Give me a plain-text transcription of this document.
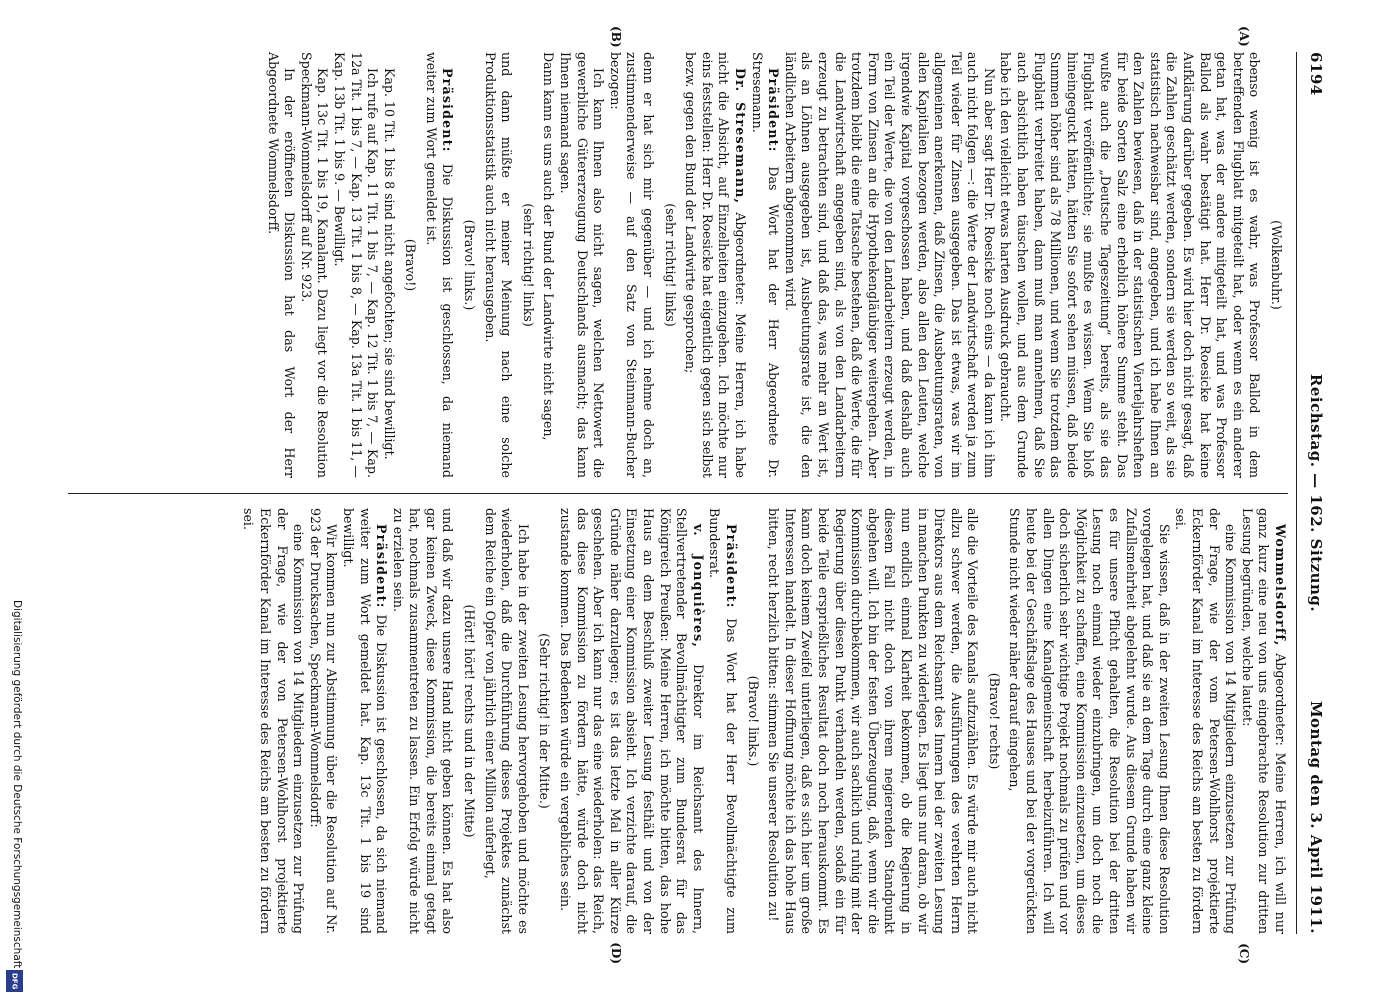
6194
Reichstag. — 162. Sitzung.
Montag den 3. April 1911.
(A)
(B)

(Wolkenbuhr.)

ebenso wenig ist es wahr, was Professor Ballod in dem betreffenden Flugblatt mitgeteilt hat, oder wenn es ein anderer getan hat, was der andere mitgeteilt hat, und was Professor Ballod als wahr bestätigt hat. Herr Dr. Roesicke hat keine Aufklärung darüber gegeben. Es wird hier doch nicht gesagt, daß die Zahlen geschätzt werden, sondern sie werden so weit, als sie statistisch nachweisbar sind, angegeben, und ich habe Ihnen an den Zahlen bewiesen, daß in der statistischen Vierteljahrsheften für beide Sorten Salz eine erheblich höhere Summe steht. Das wußte auch die „Deutsche Tageszeitung“ bereits, als sie das Flugblatt veröffentlichte; sie mußte es wissen. Wenn Sie bloß hineingeguckt hätten, hätten Sie sofort sehen müssen, daß beide Summen höher sind als 78 Millionen, und wenn Sie trotzdem das Flugblatt verbreitet haben, dann muß man annehmen, daß Sie auch absichtlich haben täuschen wollen, und aus dem Grunde habe ich den vielleicht etwas harten Ausdruck gebraucht.

Nun aber sagt Herr Dr. Roesicke noch eins — da kann ich ihm auch nicht folgen —: die Werte der Landwirtschaft werden ja zum Teil wieder für Zinsen ausgegeben. Das ist etwas, was wir im allgemeinen anerkennen, daß Zinsen, die Ausbeutungsraten, von allen Kapitalien bezogen werden, also allen den Leuten, welche irgendwie Kapital vorgeschossen haben, und daß deshalb auch ein Teil der Werte, die von den Landarbeitern erzeugt werden, in Form von Zinsen an die Hypothekengläubiger weitergehen. Aber trotzdem bleibt die eine Tatsache bestehen, daß die Werte, die für die Landwirtschaft angegeben sind, als von den Landarbeitern erzeugt zu betrachten sind, und daß das, was mehr an Wert ist, als an Löhnen ausgegeben ist, Ausbeutungsrate ist, die den ländlichen Arbeitern abgenommen wird.

Präsident: Das Wort hat der Herr Abgeordnete Dr. Stresemann.

Dr. Stresemann, Abgeordneter: Meine Herren, ich habe nicht die Absicht, auf Einzelheiten einzugehen. Ich möchte nur eins feststellen: Herr Dr. Roesicke hat eigentlich gegen sich selbst bezw. gegen den Bund der Landwirte gesprochen;

(sehr richtig! links)

denn er hat sich mir gegenüber — und ich nehme doch an, zustimmenderweise — auf den Satz von Steinmann-Bucher bezogen:

Ich kann Ihnen also nicht sagen, welchen Nettowert die gewerbliche Gütererzeugung Deutschlands ausmacht; das kann Ihnen niemand sagen.

Dann kann es uns auch der Bund der Landwirte nicht sagen,

(sehr richtig! links)

und dann müßte er meiner Meinung nach eine solche Produktionsstatistik auch nicht herausgeben.

(Bravo! links.)

Präsident: Die Diskussion ist geschlossen, da niemand weiter zum Wort gemeldet ist.

(Bravo!)

Kap. 10 Tit. 1 bis 8 sind nicht angefochten; sie sind bewilligt.

Ich rufe auf Kap. 11 Tit. 1 bis 7, — Kap. 12 Tit. 1 bis 7, — Kap. 12a Tit. 1 bis 7, — Kap. 13 Tit. 1 bis 8, — Kap. 13a Tit. 1 bis 11, — Kap. 13b Tit. 1 bis 9. — Bewilligt.

Kap. 13c Tit. 1 bis 19, Kanalamt. Dazu liegt vor die Resolution Speckmann-Wommelsdorff auf Nr. 923.

In der eröffneten Diskussion hat das Wort der Herr Abgeordnete Wommelsdorff.

(C)
(D)

Wommelsdorff, Abgeordneter: Meine Herren, ich will nur ganz kurz eine neu von uns eingebrachte Resolution zur dritten Lesung begründen, welche lautet:

eine Kommission von 14 Mitgliedern einzusetzen zur Prüfung der Frage, wie der vom Petersen-Wohlhorst projektierte Eckernförder Kanal im Interesse des Reichs am besten zu fördern sei.

Sie wissen, daß in der zweiten Lesung Ihnen diese Resolution vorgelegen hat, und daß sie an dem Tage durch eine ganz kleine Zufallsmehrheit abgelehnt wurde. Aus diesem Grunde haben wir es für unsere Pflicht gehalten, die Resolution bei der dritten Lesung noch einmal wieder einzubringen, um doch noch die Möglichkeit zu schaffen, eine Kommission einzusetzen, um dieses doch sicherlich sehr wichtige Projekt nochmals zu prüfen und vor allen Dingen eine Kanalgemeinschaft herbeizuführen. Ich will heute bei der Geschäftslage des Hauses und bei der vorgerückten Stunde nicht wieder näher darauf eingehen,

(Bravo! rechts)

alle die Vorteile des Kanals aufzuzählen. Es würde mir auch nicht allzu schwer werden, die Ausführungen des verehrten Herrn Direktors aus dem Reichsamt des Innern bei der zweiten Lesung in manchen Punkten zu widerlegen. Es liegt uns nur daran, ob wir nun endlich einmal Klarheit bekommen, ob die Regierung in diesem Fall nicht doch von ihrem negierenden Standpunkt abgehen will. Ich bin der festen Überzeugung, daß, wenn wir die Kommission durchbekommen, wir auch sachlich und ruhig mit der Regierung über diesen Punkt verhandeln werden, sodaß ein für beide Teile ersprießliches Resultat doch noch herauskommt. Es kann doch keinem Zweifel unterliegen, daß es sich hier um große Interessen handelt. In dieser Hoffnung möchte ich das hohe Haus bitten, recht herzlich bitten: stimmen Sie unserer Resolution zu!

(Bravo! links.)

Präsident: Das Wort hat der Herr Bevollmächtigte zum Bundesrat.

v. Jonquières, Direktor im Reichsamt des Innern, Stellvertretender Bevollmächtigter zum Bundesrat für das Königreich Preußen: Meine Herren, ich möchte bitten, das hohe Haus an dem Beschluß zweiter Lesung festhält und von der Einsetzung einer Kommission absieht. Ich verzichte darauf, die Gründe näher darzulegen; es ist das letzte Mal in aller Kürze geschehen. Aber ich kann nur das eine wiederholen: das Reich, das diese Kommission zu fördern hätte, würde doch nicht zustande kommen. Das Bedenken würde ein vergebliches sein.

(Sehr richtig! in der Mitte.)

Ich habe in der zweiten Lesung hervorgehoben und möchte es wiederholen, daß die Durchführung dieses Projektes zunächst dem Reiche ein Opfer von jährlich einer Million auferlegt,

(Hört! hört! rechts und in der Mitte)

und daß wir dazu unsere Hand nicht geben können. Es hat also gar keinen Zweck, diese Kommission, die bereits einmal getagt hat, nochmals zusammentreten zu lassen. Ein Erfolg würde nicht zu erzielen sein.

Präsident: Die Diskussion ist geschlossen, da sich niemand weiter zum Wort gemeldet hat. Kap. 13c Tit. 1 bis 19 sind bewilligt.

Wir kommen nun zur Abstimmung über die Resolution auf Nr. 923 der Drucksachen, Speckmann-Wommelsdorff:

eine Kommission von 14 Mitgliedern einzusetzen zur Prüfung der Frage, wie der von Petersen-Wohlhorst projektierte Eckernförder Kanal im Interesse des Reichs am besten zu fördern sei.

Digitalisierung gefördert durch die Deutsche Forschungsgemeinschaft
DFG
